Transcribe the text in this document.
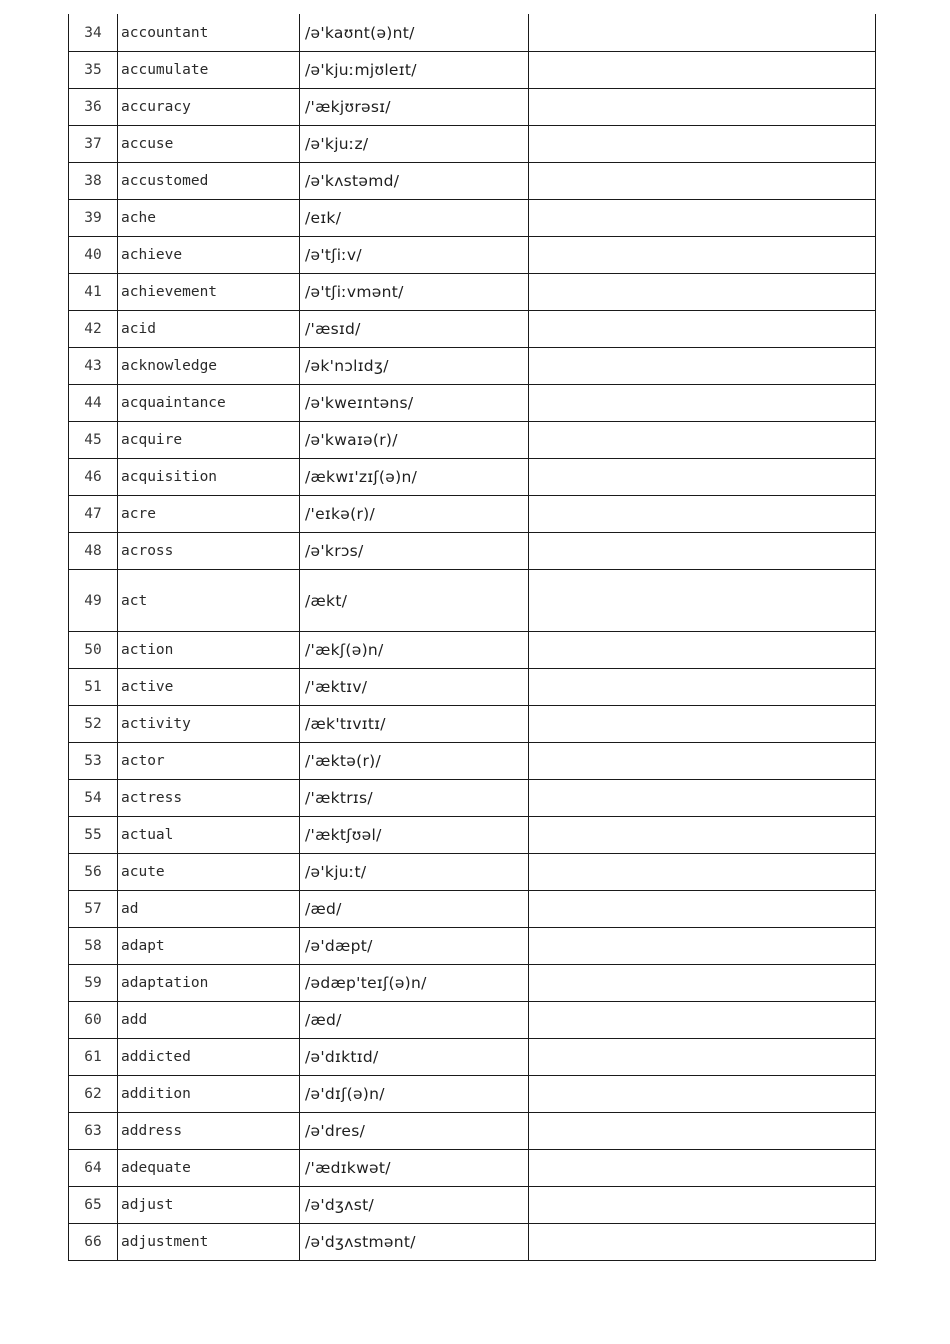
34	accountant	/ə'kaʊnt(ə)nt/	
35	accumulate	/ə'kjuːmjʊleɪt/	
36	accuracy	/'ækjʊrəsɪ/	
37	accuse	/ə'kjuːz/	
38	accustomed	/ə'kʌstəmd/	
39	ache	/eɪk/	
40	achieve	/ə'tʃiːv/	
41	achievement	/ə'tʃiːvmənt/	
42	acid	/'æsɪd/	
43	acknowledge	/ək'nɔlɪdʒ/	
44	acquaintance	/ə'kweɪntəns/	
45	acquire	/ə'kwaɪə(r)/	
46	acquisition	/ækwɪ'zɪʃ(ə)n/	
47	acre	/'eɪkə(r)/	
48	across	/ə'krɔs/	
49	act	/ækt/	
50	action	/'ækʃ(ə)n/	
51	active	/'æktɪv/	
52	activity	/æk'tɪvɪtɪ/	
53	actor	/'æktə(r)/	
54	actress	/'æktrɪs/	
55	actual	/'æktʃʊəl/	
56	acute	/ə'kjuːt/	
57	ad	/æd/	
58	adapt	/ə'dæpt/	
59	adaptation	/ədæp'teɪʃ(ə)n/	
60	add	/æd/	
61	addicted	/ə'dɪktɪd/	
62	addition	/ə'dɪʃ(ə)n/	
63	address	/ə'dres/	
64	adequate	/'ædɪkwət/	
65	adjust	/ə'dʒʌst/	
66	adjustment	/ə'dʒʌstmənt/	
